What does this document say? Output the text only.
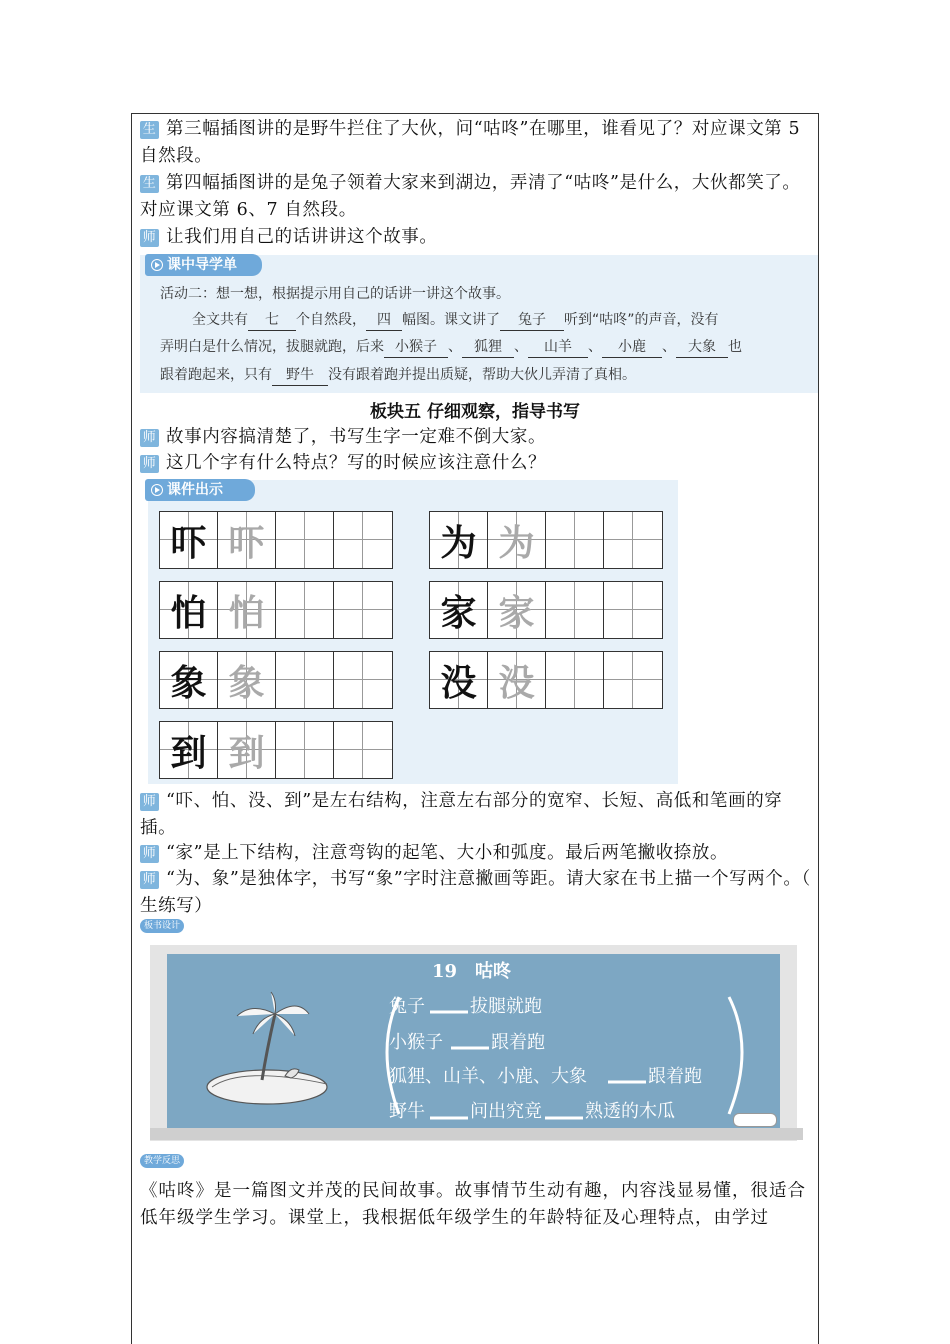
生 第三幅插图讲的是野牛拦住了大伙，问“咕咚”在哪里，谁看见了？对应课文第 5 自然段。
生 第四幅插图讲的是兔子领着大家来到湖边，弄清了“咕咚”是什么，大伙都笑了。对应课文第 6、7 自然段。
师 让我们用自己的话讲讲这个故事。
课中导学单
活动二：想一想，根据提示用自己的话讲一讲这个故事。
全文共有 七 个自然段， 四 幅图。课文讲了 兔子 听到“咕咚”的声音，没有
弄明白是什么情况，拔腿就跑，后来 小猴子 、 狐狸 、 山羊 、 小鹿 、 大象 也
跟着跑起来，只有 野牛 没有跟着跑并提出质疑，帮助大伙儿弄清了真相。
板块五 仔细观察，指导书写
师 故事内容搞清楚了，书写生字一定难不倒大家。
师 这几个字有什么特点？写的时候应该注意什么？
课件出示
吓 吓	为 为
怕 怕	家 家
象 象	没 没
到 到
师 “吓、怕、没、到”是左右结构，注意左右部分的宽窄、长短、高低和笔画的穿插。
师 “家”是上下结构，注意弯钩的起笔、大小和弧度。最后两笔撇收捺放。
师 “为、象”是独体字，书写“象”字时注意撇画等距。请大家在书上描一个写两个。（ 生练写）
板书设计
19　咕咚
兔子	拔腿就跑
小猴子	跟着跑
狐狸、山羊、小鹿、大象	跟着跑
野牛	问出究竟 熟透的木瓜
教学反思
《咕咚》是一篇图文并茂的民间故事。故事情节生动有趣，内容浅显易懂，很适合低年级学生学习。课堂上，我根据低年级学生的年龄特征及心理特点，由学过
